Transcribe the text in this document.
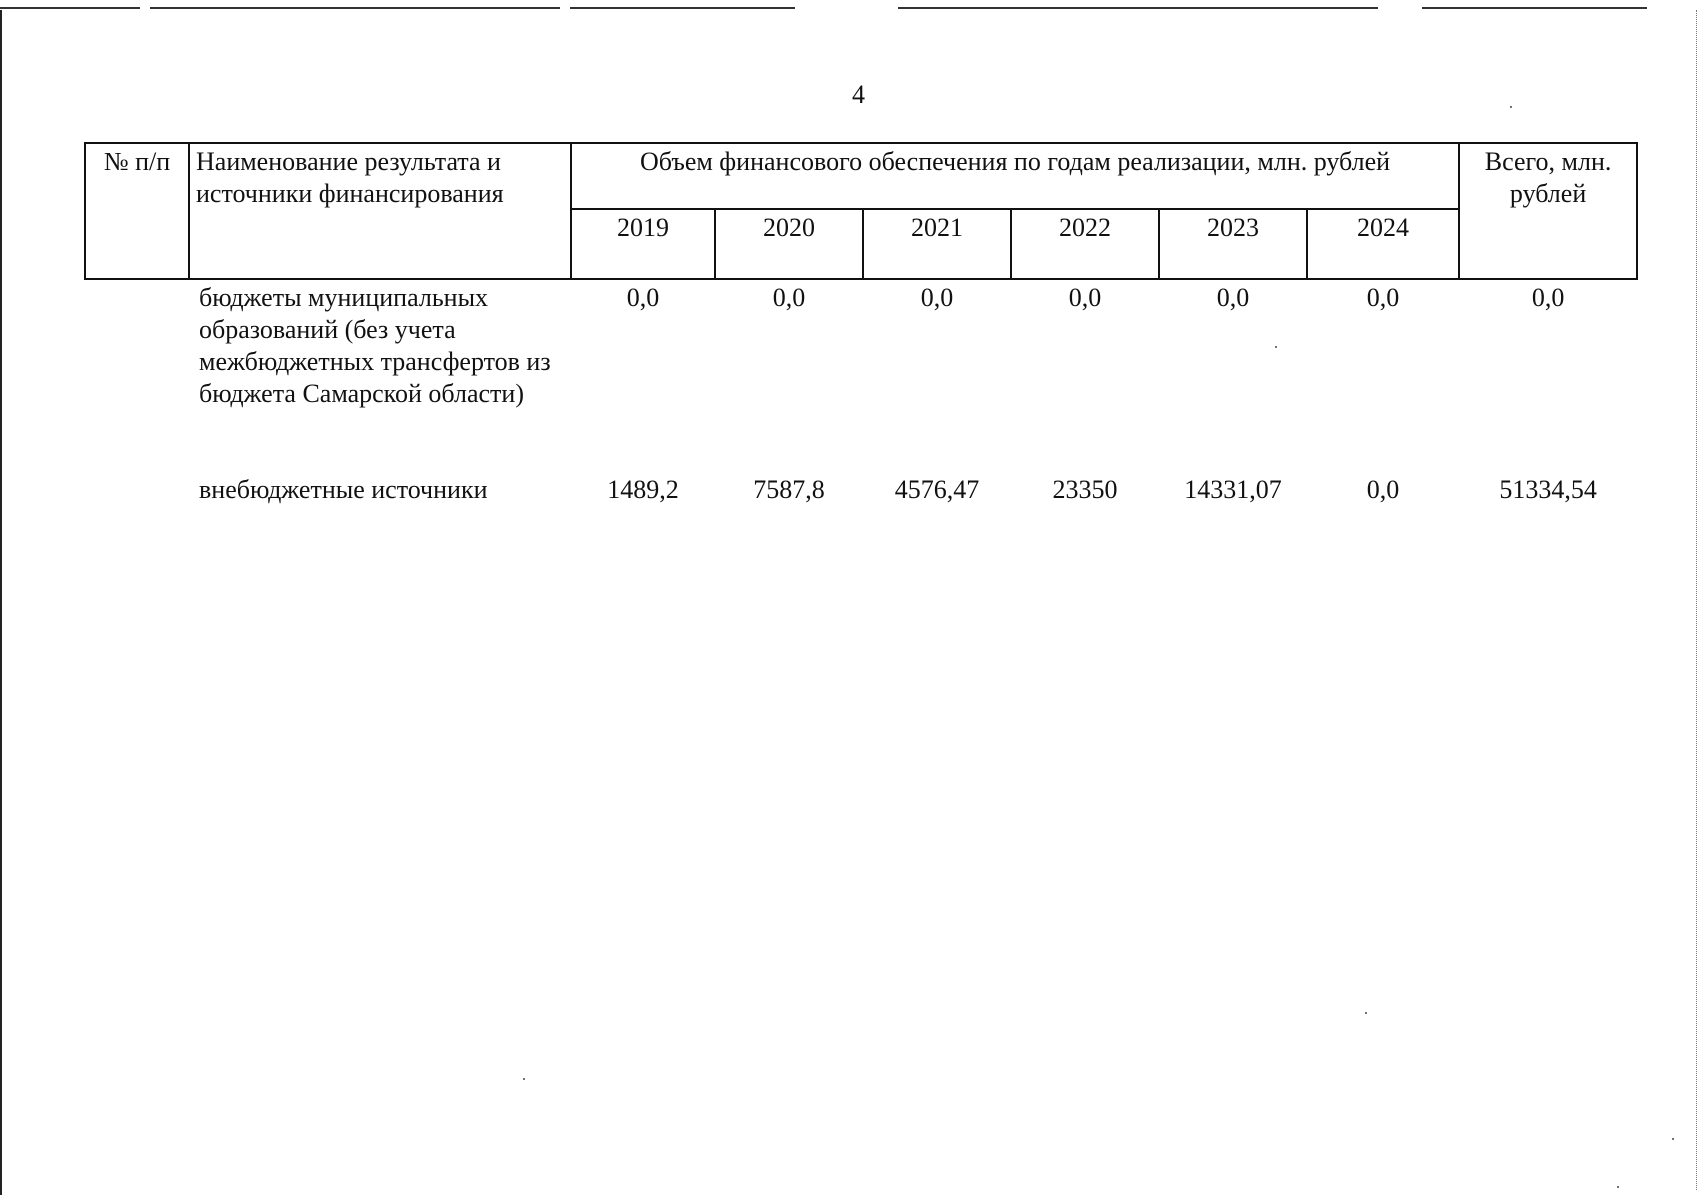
4
№ п/п	Наименование результата и источники финансирования	Объем финансового обеспечения по годам реализации, млн. рублей						Всего, млн. рублей
		2019	2020	2021	2022	2023	2024	
	бюджеты муниципальных образований (без учета межбюджетных трансфертов из бюджета Самарской области)	0,0	0,0	0,0	0,0	0,0	0,0	0,0
	внебюджетные источники	1489,2	7587,8	4576,47	23350	14331,07	0,0	51334,54
